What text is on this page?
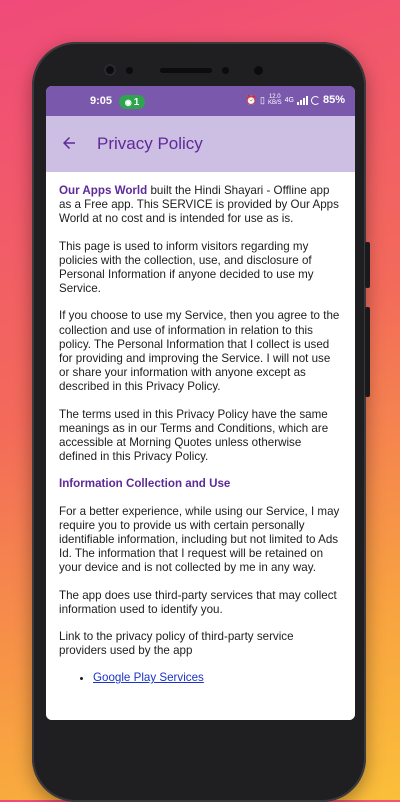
9:05 ◉ 1	⏰ ▯ 12.0
KB/S 4G	85%
Privacy Policy

Our Apps World built the Hindi Shayari - Offline app as a Free app. This SERVICE is provided by Our Apps World at no cost and is intended for use as is.

This page is used to inform visitors regarding my policies with the collection, use, and disclosure of Personal Information if anyone decided to use my Service.

If you choose to use my Service, then you agree to the collection and use of information in relation to this policy. The Personal Information that I collect is used for providing and improving the Service. I will not use or share your information with anyone except as described in this Privacy Policy.

The terms used in this Privacy Policy have the same meanings as in our Terms and Conditions, which are accessible at Morning Quotes unless otherwise defined in this Privacy Policy.

Information Collection and Use

For a better experience, while using our Service, I may require you to provide us with certain personally identifiable information, including but not limited to Ads Id. The information that I request will be retained on your device and is not collected by me in any way.

The app does use third-party services that may collect information used to identify you.

Link to the privacy policy of third-party service providers used by the app

• Google Play Services
